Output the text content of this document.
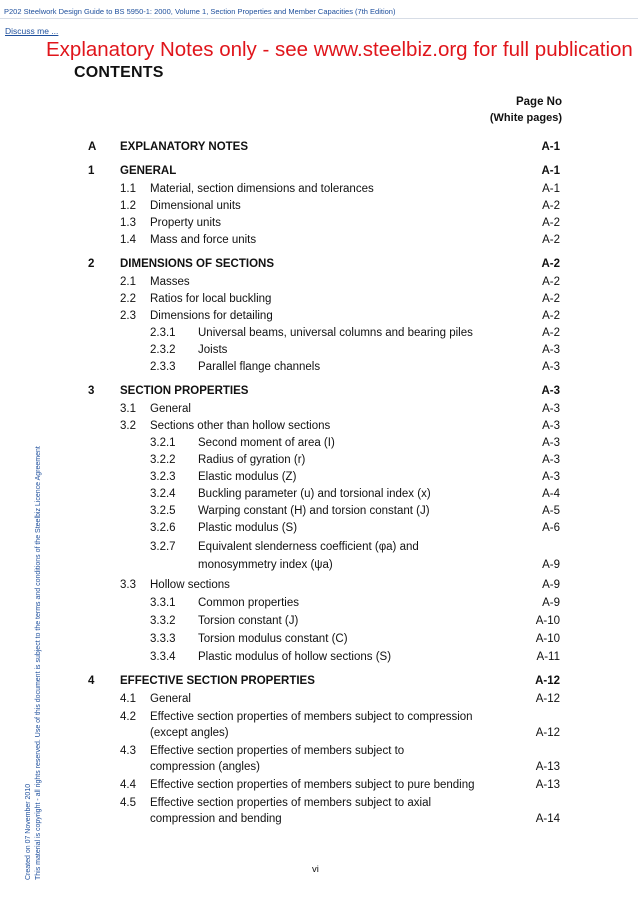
P202 Steelwork Design Guide to BS 5950-1: 2000, Volume 1, Section Properties and Member Capacities (7th Edition)
Discuss me ...
Explanatory Notes only - see www.steelbiz.org for full publication
CONTENTS
Page No
(White pages)
A EXPLANATORY NOTES	A-1
1 GENERAL	A-1
1.1 Material, section dimensions and tolerances	A-1
1.2 Dimensional units	A-2
1.3 Property units	A-2
1.4 Mass and force units	A-2
2 DIMENSIONS OF SECTIONS	A-2
2.1 Masses	A-2
2.2 Ratios for local buckling	A-2
2.3 Dimensions for detailing	A-2
2.3.1 Universal beams, universal columns and bearing piles	A-2
2.3.2 Joists	A-3
2.3.3 Parallel flange channels	A-3
3 SECTION PROPERTIES	A-3
3.1 General	A-3
3.2 Sections other than hollow sections	A-3
3.2.1 Second moment of area (I)	A-3
3.2.2 Radius of gyration (r)	A-3
3.2.3 Elastic modulus (Z)	A-3
3.2.4 Buckling parameter (u) and torsional index (x)	A-4
3.2.5 Warping constant (H) and torsion constant (J)	A-5
3.2.6 Plastic modulus (S)	A-6
3.2.7 Equivalent slenderness coefficient (φa) and
monosymmetry index (ψa)	A-9
3.3 Hollow sections	A-9
3.3.1 Common properties	A-9
3.3.2 Torsion constant (J)	A-10
3.3.3 Torsion modulus constant (C)	A-10
3.3.4 Plastic modulus of hollow sections (S)	A-11
4 EFFECTIVE SECTION PROPERTIES	A-12
4.1 General	A-12
4.2 Effective section properties of members subject to compression
(except angles)	A-12
4.3 Effective section properties of members subject to
compression (angles)	A-13
4.4 Effective section properties of members subject to pure bending	A-13
4.5 Effective section properties of members subject to axial
compression and bending	A-14
Created on 07 November 2010 This material is copyright - all rights reserved. Use of this document is subject to the terms and conditions of the Steelbiz Licence Agreement	vi
